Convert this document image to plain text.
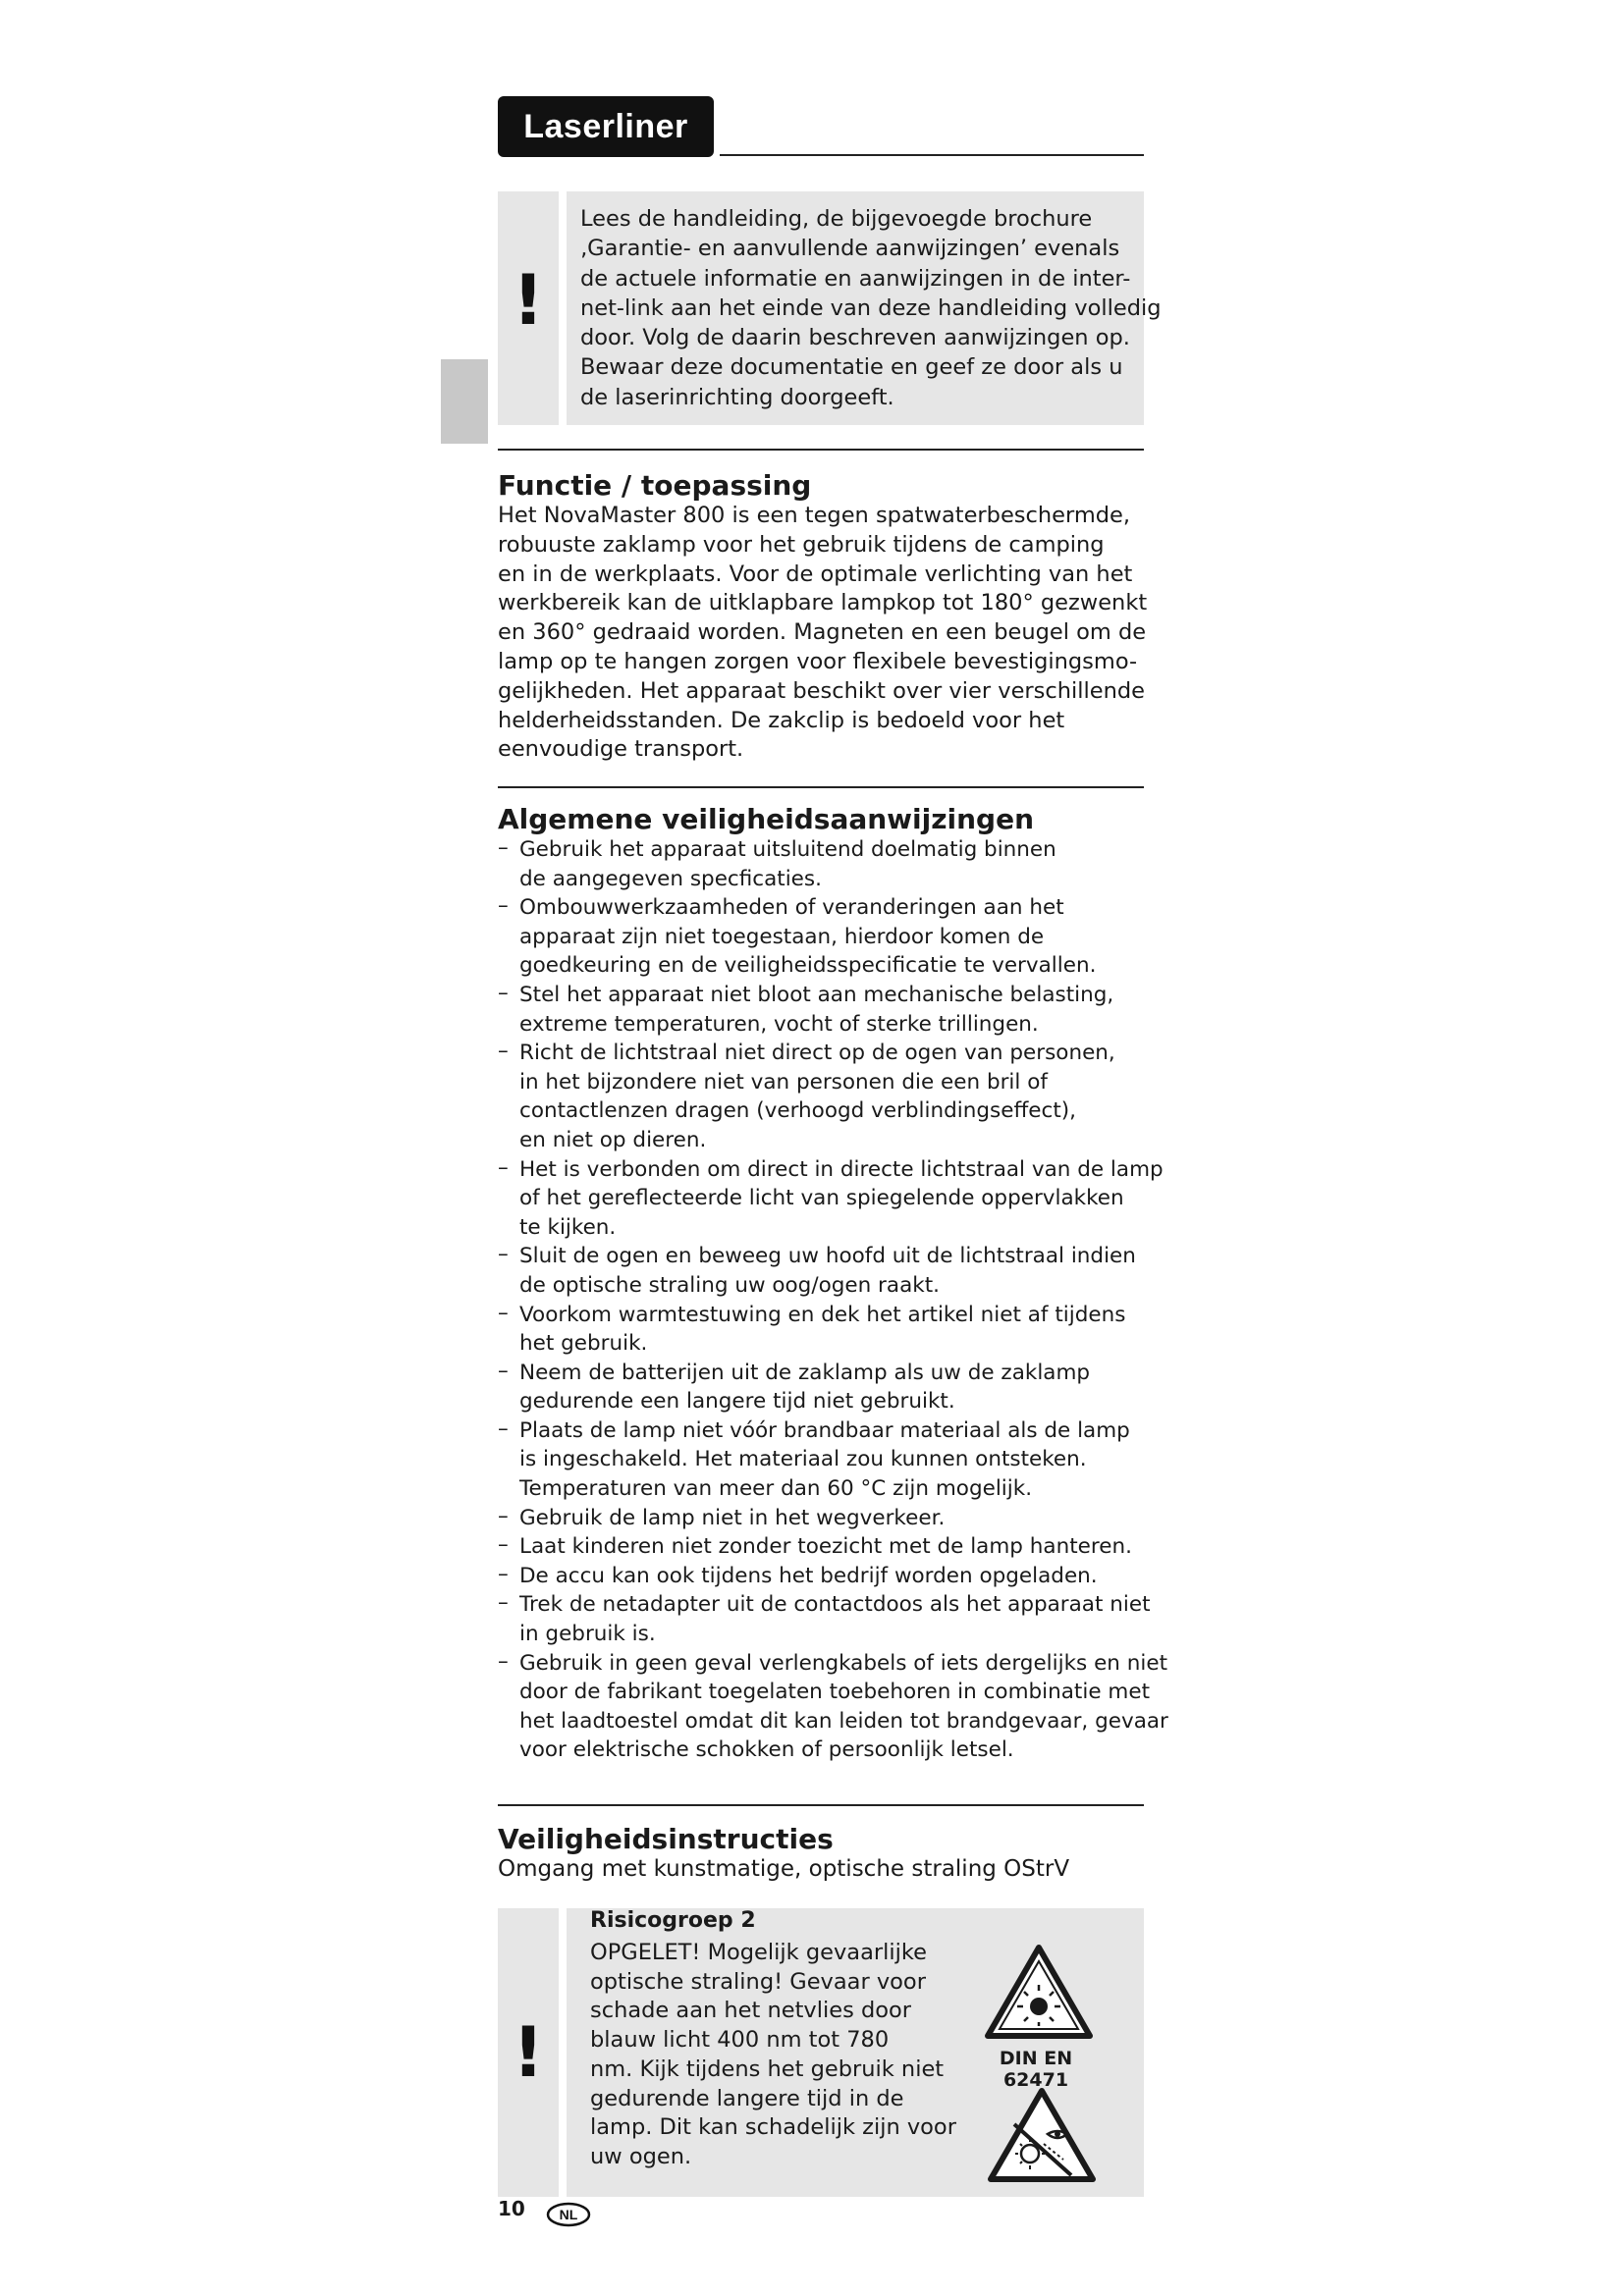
Laserliner
!
Lees de handleiding, de bijgevoegde brochure
‚Garantie- en aanvullende aanwijzingen’ evenals
de actuele informatie en aanwijzingen in de inter-
net-link aan het einde van deze handleiding volledig
door. Volg de daarin beschreven aanwijzingen op.
Bewaar deze documentatie en geef ze door als u
de laserinrichting doorgeeft.
Functie / toepassing
Het NovaMaster 800 is een tegen spatwaterbeschermde,
robuuste zaklamp voor het gebruik tijdens de camping
en in de werkplaats. Voor de optimale verlichting van het
werkbereik kan de uitklapbare lampkop tot 180° gezwenkt
en 360° gedraaid worden. Magneten en een beugel om de
lamp op te hangen zorgen voor flexibele bevestigingsmo-
gelijkheden. Het apparaat beschikt over vier verschillende
helderheidsstanden. De zakclip is bedoeld voor het
eenvoudige transport.
Algemene veiligheidsaanwijzingen
– Gebruik het apparaat uitsluitend doelmatig binnen
de aangegeven specficaties.
– Ombouwwerkzaamheden of veranderingen aan het
apparaat zijn niet toegestaan, hierdoor komen de
goedkeuring en de veiligheidsspecificatie te vervallen.
– Stel het apparaat niet bloot aan mechanische belasting,
extreme temperaturen, vocht of sterke trillingen.
– Richt de lichtstraal niet direct op de ogen van personen,
in het bijzondere niet van personen die een bril of
contactlenzen dragen (verhoogd verblindingseffect),
en niet op dieren.
– Het is verbonden om direct in directe lichtstraal van de lamp
of het gereflecteerde licht van spiegelende oppervlakken
te kijken.
– Sluit de ogen en beweeg uw hoofd uit de lichtstraal indien
de optische straling uw oog/ogen raakt.
– Voorkom warmtestuwing en dek het artikel niet af tijdens
het gebruik.
– Neem de batterijen uit de zaklamp als uw de zaklamp
gedurende een langere tijd niet gebruikt.
– Plaats de lamp niet vóór brandbaar materiaal als de lamp
is ingeschakeld. Het materiaal zou kunnen ontsteken.
Temperaturen van meer dan 60 °C zijn mogelijk.
– Gebruik de lamp niet in het wegverkeer.
– Laat kinderen niet zonder toezicht met de lamp hanteren.
– De accu kan ook tijdens het bedrijf worden opgeladen.
– Trek de netadapter uit de contactdoos als het apparaat niet
in gebruik is.
– Gebruik in geen geval verlengkabels of iets dergelijks en niet
door de fabrikant toegelaten toebehoren in combinatie met
het laadtoestel omdat dit kan leiden tot brandgevaar, gevaar
voor elektrische schokken of persoonlijk letsel.
Veiligheidsinstructies

Omgang met kunstmatige, optische straling OStrV

!

Risicogroep 2

OPGELET! Mogelijk gevaarlijke
optische straling! Gevaar voor
schade aan het netvlies door
blauw licht 400 nm tot 780
nm. Kijk tijdens het gebruik niet
gedurende langere tijd in de
lamp. Dit kan schadelijk zijn voor
uw ogen.

DIN EN 62471

10 NL
